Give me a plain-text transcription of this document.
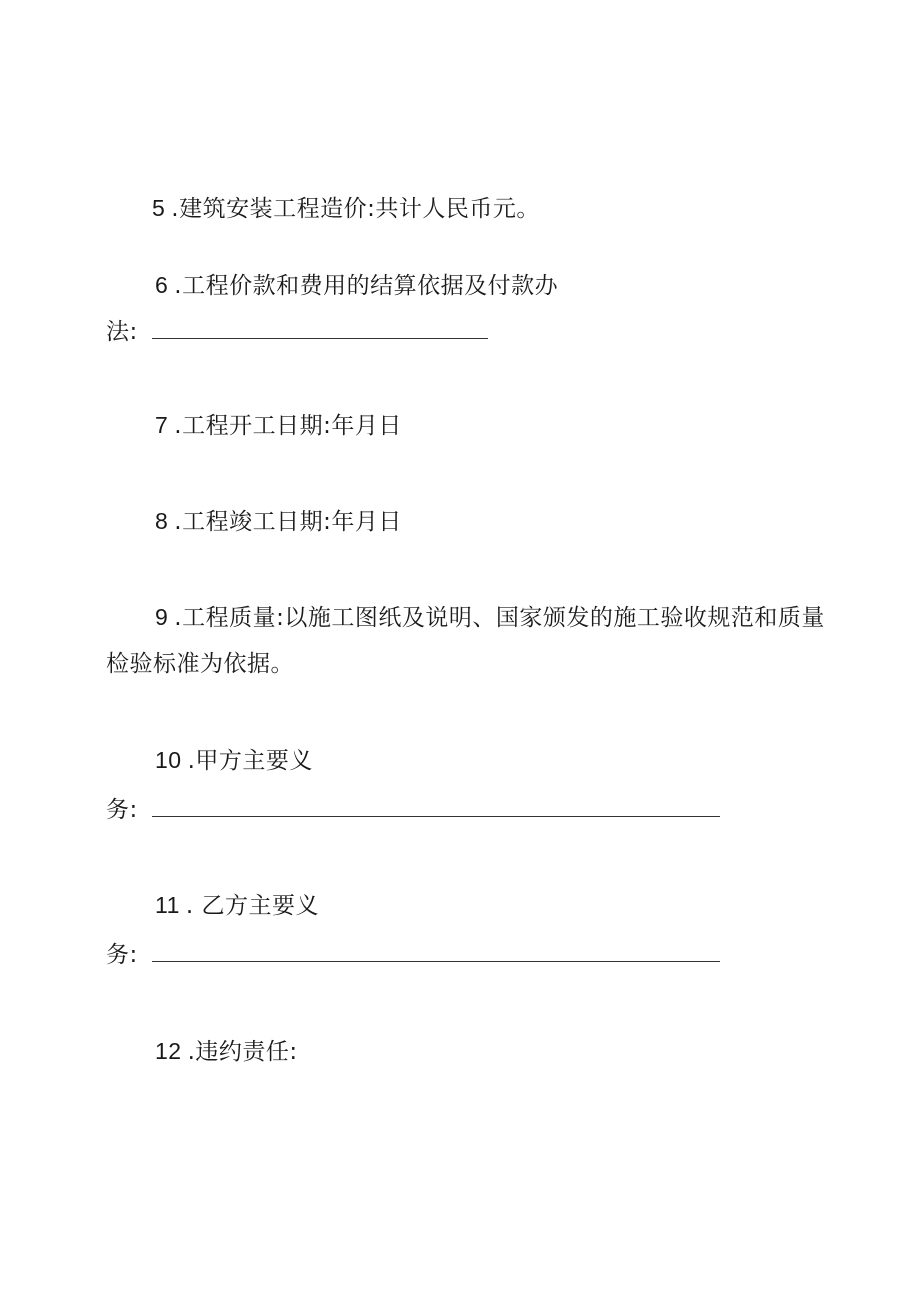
5 .建筑安装工程造价:共计人民币元。
6 .工程价款和费用的结算依据及付款办
法:
7 .工程开工日期:年月日
8 .工程竣工日期:年月日
9 .工程质量:以施工图纸及说明、国家颁发的施工验收规范和质量
检验标准为依据。
10 .甲方主要义
务:
11 . 乙方主要义
务:
12 .违约责任:
